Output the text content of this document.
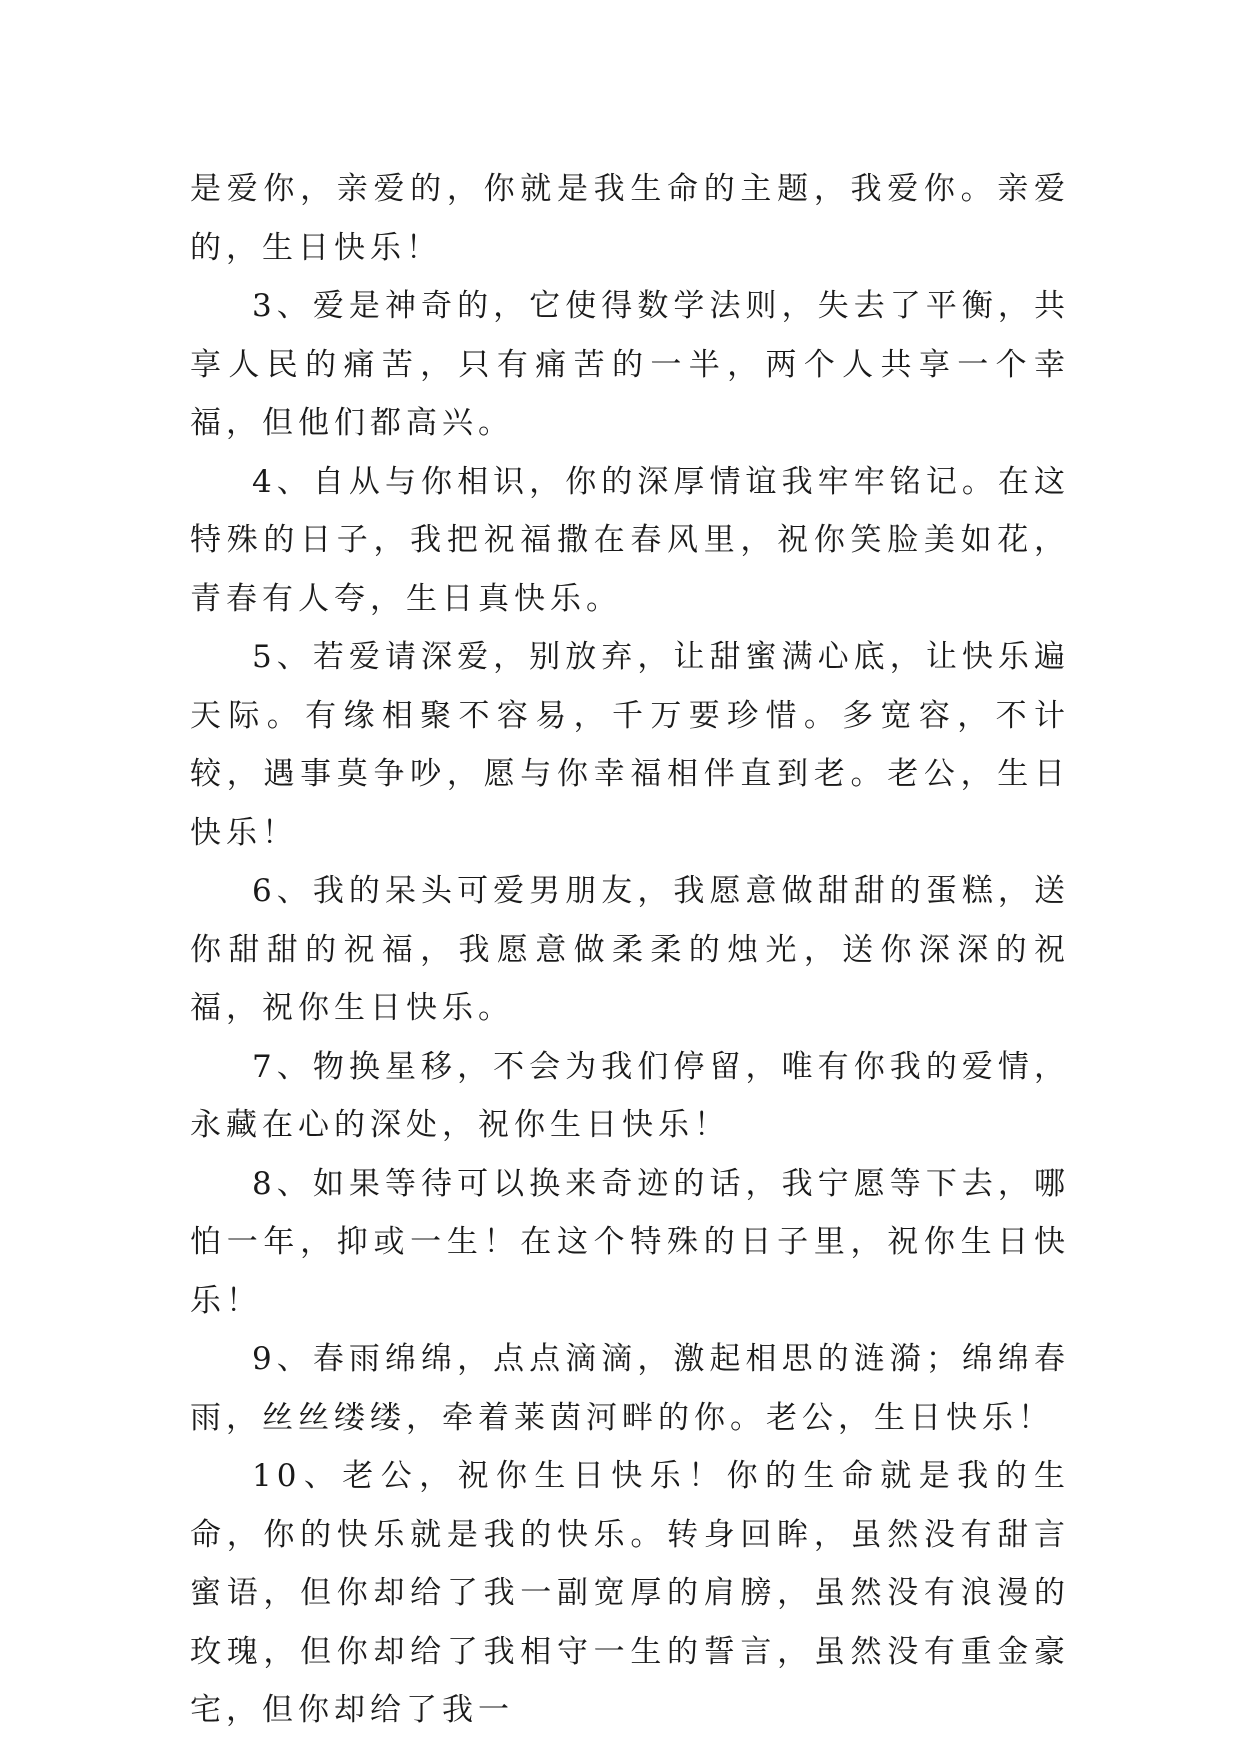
是爱你，亲爱的，你就是我生命的主题，我爱你。亲爱的，生日快乐！

3、爱是神奇的，它使得数学法则，失去了平衡，共享人民的痛苦，只有痛苦的一半，两个人共享一个幸福，但他们都高兴。

4、自从与你相识，你的深厚情谊我牢牢铭记。在这特殊的日子，我把祝福撒在春风里，祝你笑脸美如花，青春有人夸，生日真快乐。

5、若爱请深爱，别放弃，让甜蜜满心底，让快乐遍天际。有缘相聚不容易，千万要珍惜。多宽容，不计较，遇事莫争吵，愿与你幸福相伴直到老。老公，生日快乐！

6、我的呆头可爱男朋友，我愿意做甜甜的蛋糕，送你甜甜的祝福，我愿意做柔柔的烛光，送你深深的祝福，祝你生日快乐。

7、物换星移，不会为我们停留，唯有你我的爱情，永藏在心的深处，祝你生日快乐！

8、如果等待可以换来奇迹的话，我宁愿等下去，哪怕一年，抑或一生！在这个特殊的日子里，祝你生日快乐！

9、春雨绵绵，点点滴滴，激起相思的涟漪；绵绵春雨，丝丝缕缕，牵着莱茵河畔的你。老公，生日快乐！

10、老公，祝你生日快乐！你的生命就是我的生命，你的快乐就是我的快乐。转身回眸，虽然没有甜言蜜语，但你却给了我一副宽厚的肩膀，虽然没有浪漫的玫瑰，但你却给了我相守一生的誓言，虽然没有重金豪宅，但你却给了我一
